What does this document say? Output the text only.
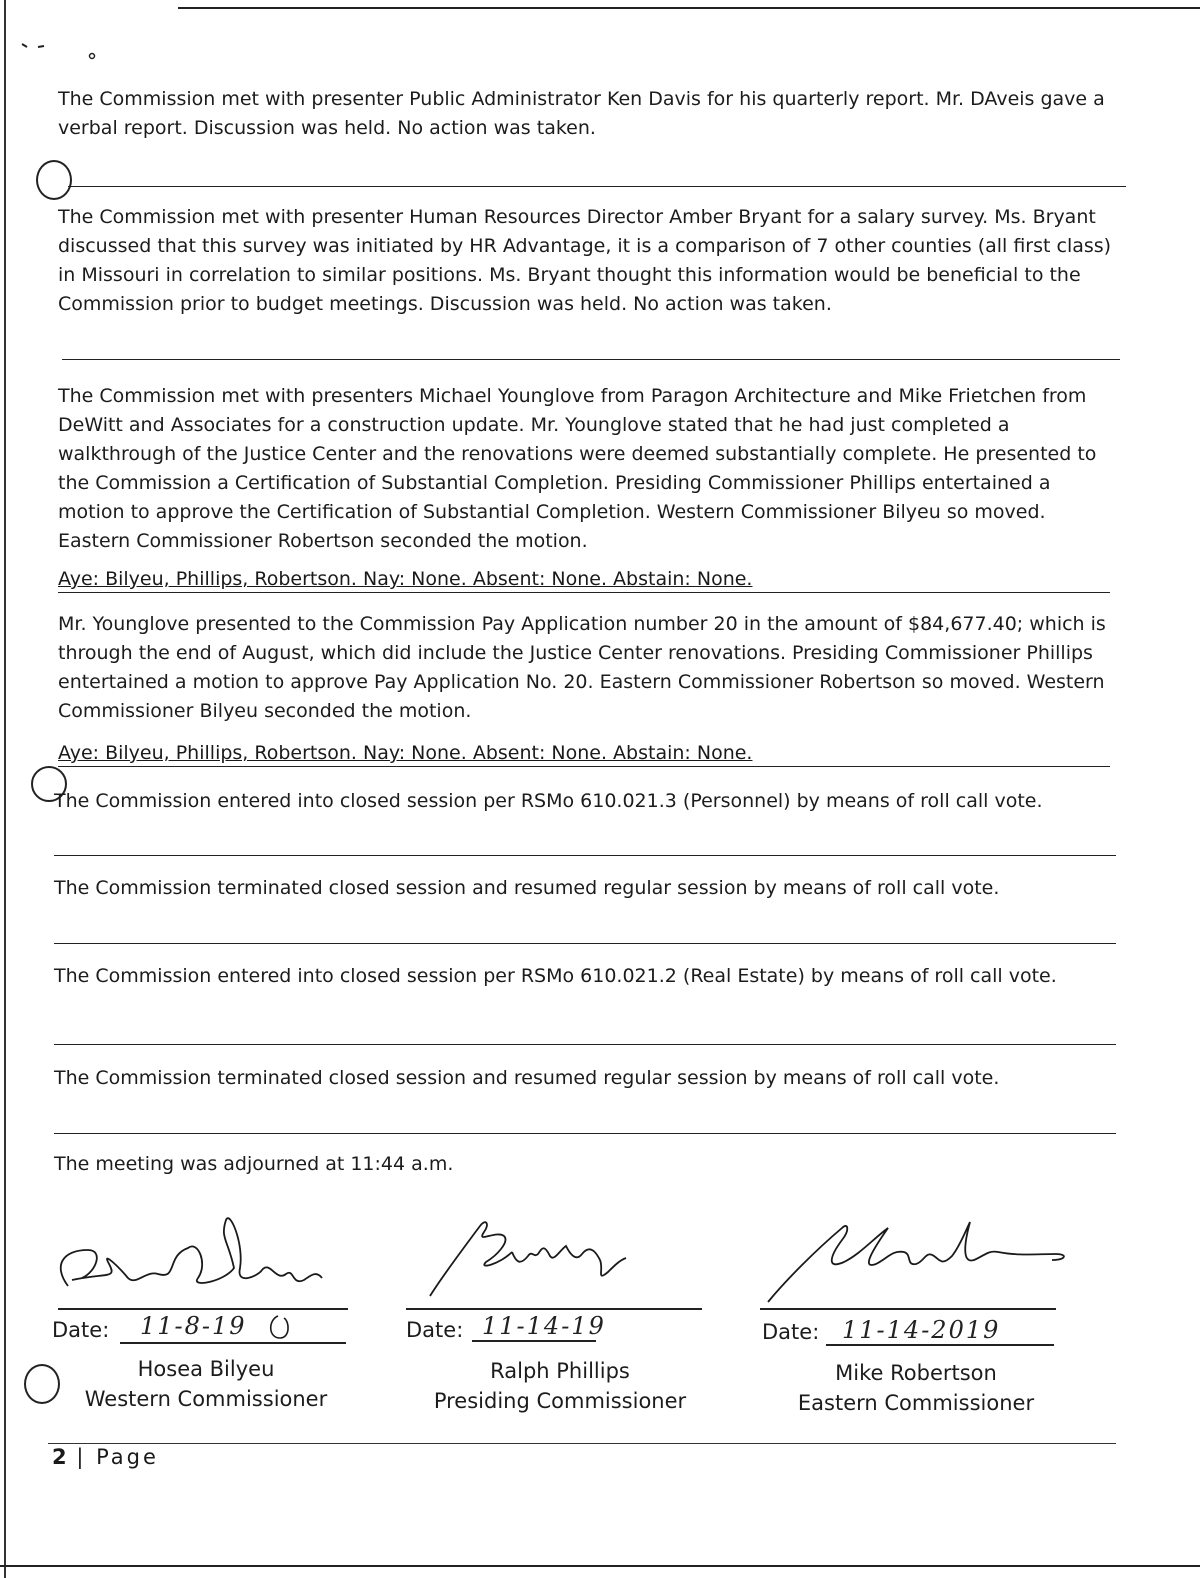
The Commission met with presenter Public Administrator Ken Davis for his quarterly report. Mr. DAveis gave a verbal report. Discussion was held. No action was taken.
The Commission met with presenter Human Resources Director Amber Bryant for a salary survey. Ms. Bryant discussed that this survey was initiated by HR Advantage, it is a comparison of 7 other counties (all first class) in Missouri in correlation to similar positions. Ms. Bryant thought this information would be beneficial to the Commission prior to budget meetings. Discussion was held. No action was taken.
The Commission met with presenters Michael Younglove from Paragon Architecture and Mike Frietchen from DeWitt and Associates for a construction update. Mr. Younglove stated that he had just completed a walkthrough of the Justice Center and the renovations were deemed substantially complete. He presented to the Commission a Certification of Substantial Completion. Presiding Commissioner Phillips entertained a motion to approve the Certification of Substantial Completion. Western Commissioner Bilyeu so moved. Eastern Commissioner Robertson seconded the motion.
Aye: Bilyeu, Phillips, Robertson. Nay: None. Absent: None. Abstain: None.
Mr. Younglove presented to the Commission Pay Application number 20 in the amount of $84,677.40; which is through the end of August, which did include the Justice Center renovations. Presiding Commissioner Phillips entertained a motion to approve Pay Application No. 20. Eastern Commissioner Robertson so moved. Western Commissioner Bilyeu seconded the motion.
Aye: Bilyeu, Phillips, Robertson. Nay: None. Absent: None. Abstain: None.
The Commission entered into closed session per RSMo 610.021.3 (Personnel) by means of roll call vote.
The Commission terminated closed session and resumed regular session by means of roll call vote.
The Commission entered into closed session per RSMo 610.021.2 (Real Estate) by means of roll call vote.
The Commission terminated closed session and resumed regular session by means of roll call vote.
The meeting was adjourned at 11:44 a.m.
Date: 11-8-19
Hosea Bilyeu
Western Commissioner
Date: 11-14-19
Ralph Phillips
Presiding Commissioner
Date: 11-14-2019
Mike Robertson
Eastern Commissioner
2 | Page
